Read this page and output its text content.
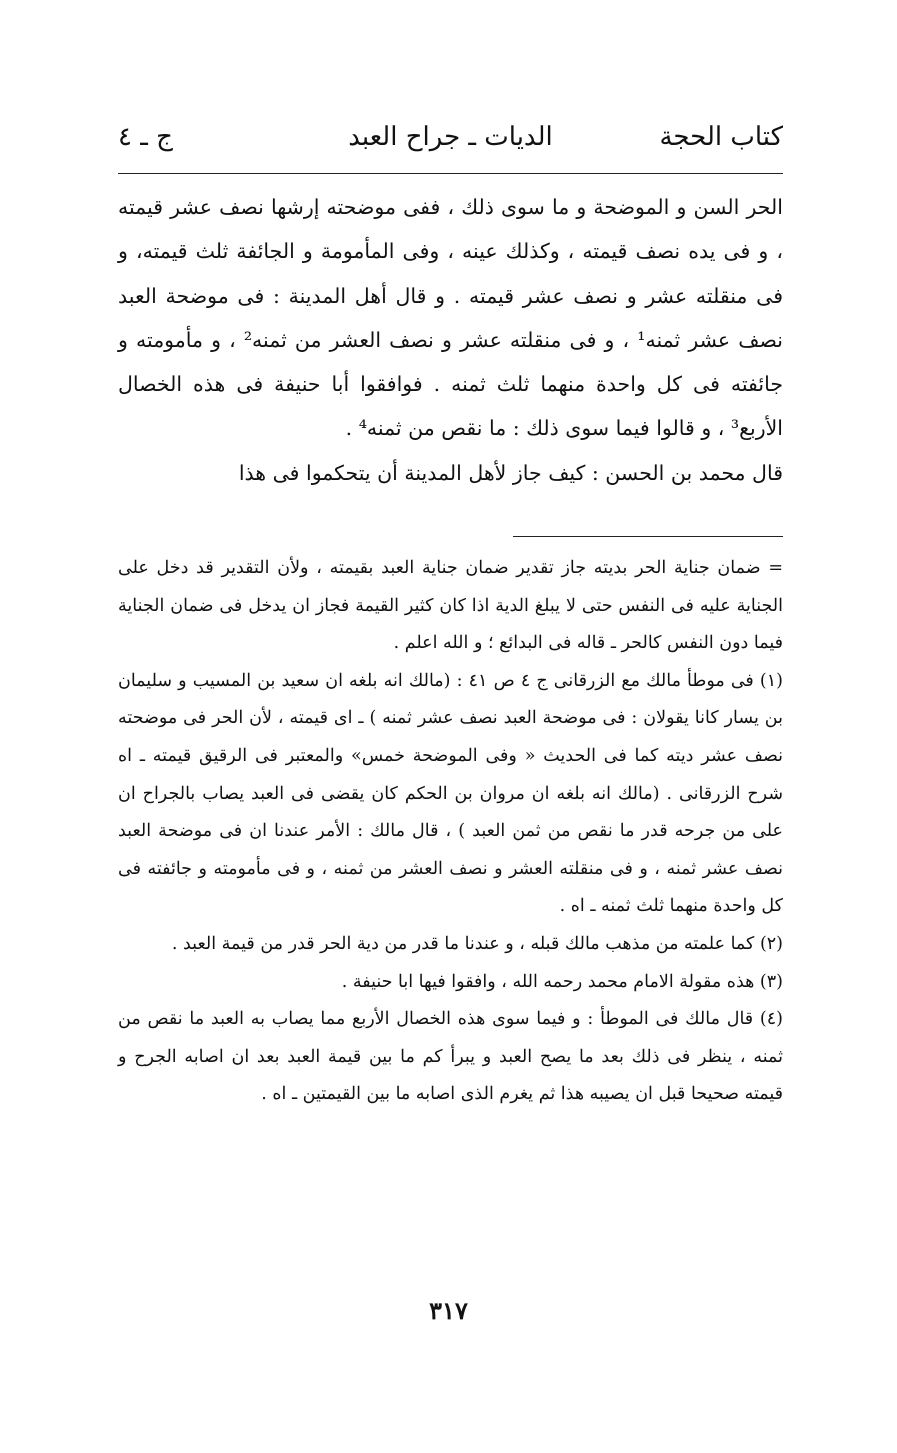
كتاب الحجة
الديات ـ جراح العبد
ج ـ ٤

الحر السن و الموضحة و ما سوى ذلك ، ففى موضحته إرشها نصف عشر قيمته ، و فى يده نصف قيمته ، وكذلك عينه ، وفى المأمومة و الجائفة ثلث قيمته، و فى منقلته عشر و نصف عشر قيمته . و قال أهل المدينة : فى موضحة العبد نصف عشر ثمنه¹ ، و فى منقلته عشر و نصف العشر من ثمنه² ، و مأمومته و جائفته فى كل واحدة منهما ثلث ثمنه . فوافقوا أبا حنيفة فى هذه الخصال الأربع³ ، و قالوا فيما سوى ذلك : ما نقص من ثمنه⁴ .

قال محمد بن الحسن : كيف جاز لأهل المدينة أن يتحكموا فى هذا

= ضمان جناية الحر بديته جاز تقدير ضمان جناية العبد بقيمته ، ولأن التقدير قد دخل على الجناية عليه فى النفس حتى لا يبلغ الدية اذا كان كثير القيمة فجاز ان يدخل فى ضمان الجناية فيما دون النفس كالحر ـ قاله فى البدائع ؛ و الله اعلم .

(١) فى موطأ مالك مع الزرقانى ج ٤ ص ٤١ : (مالك انه بلغه ان سعيد بن المسيب و سليمان بن يسار كانا يقولان : فى موضحة العبد نصف عشر ثمنه ) ـ اى قيمته ، لأن الحر فى موضحته نصف عشر ديته كما فى الحديث « وفى الموضحة خمس» والمعتبر فى الرقيق قيمته ـ اه شرح الزرقانى . (مالك انه بلغه ان مروان بن الحكم كان يقضى فى العبد يصاب بالجراح ان على من جرحه قدر ما نقص من ثمن العبد ) ، قال مالك : الأمر عندنا ان فى موضحة العبد نصف عشر ثمنه ، و فى منقلته العشر و نصف العشر من ثمنه ، و فى مأمومته و جائفته فى كل واحدة منهما ثلث ثمنه ـ اه .

(٢) كما علمته من مذهب مالك قبله ، و عندنا ما قدر من دية الحر قدر من قيمة العبد .

(٣) هذه مقولة الامام محمد رحمه الله ، وافقوا فيها ابا حنيفة .

(٤) قال مالك فى الموطأ : و فيما سوى هذه الخصال الأربع مما يصاب به العبد ما نقص من ثمنه ، ينظر فى ذلك بعد ما يصح العبد و يبرأ كم ما بين قيمة العبد بعد ان اصابه الجرح و قيمته صحيحا قبل ان يصيبه هذا ثم يغرم الذى اصابه ما بين القيمتين ـ اه .

٣١٧
